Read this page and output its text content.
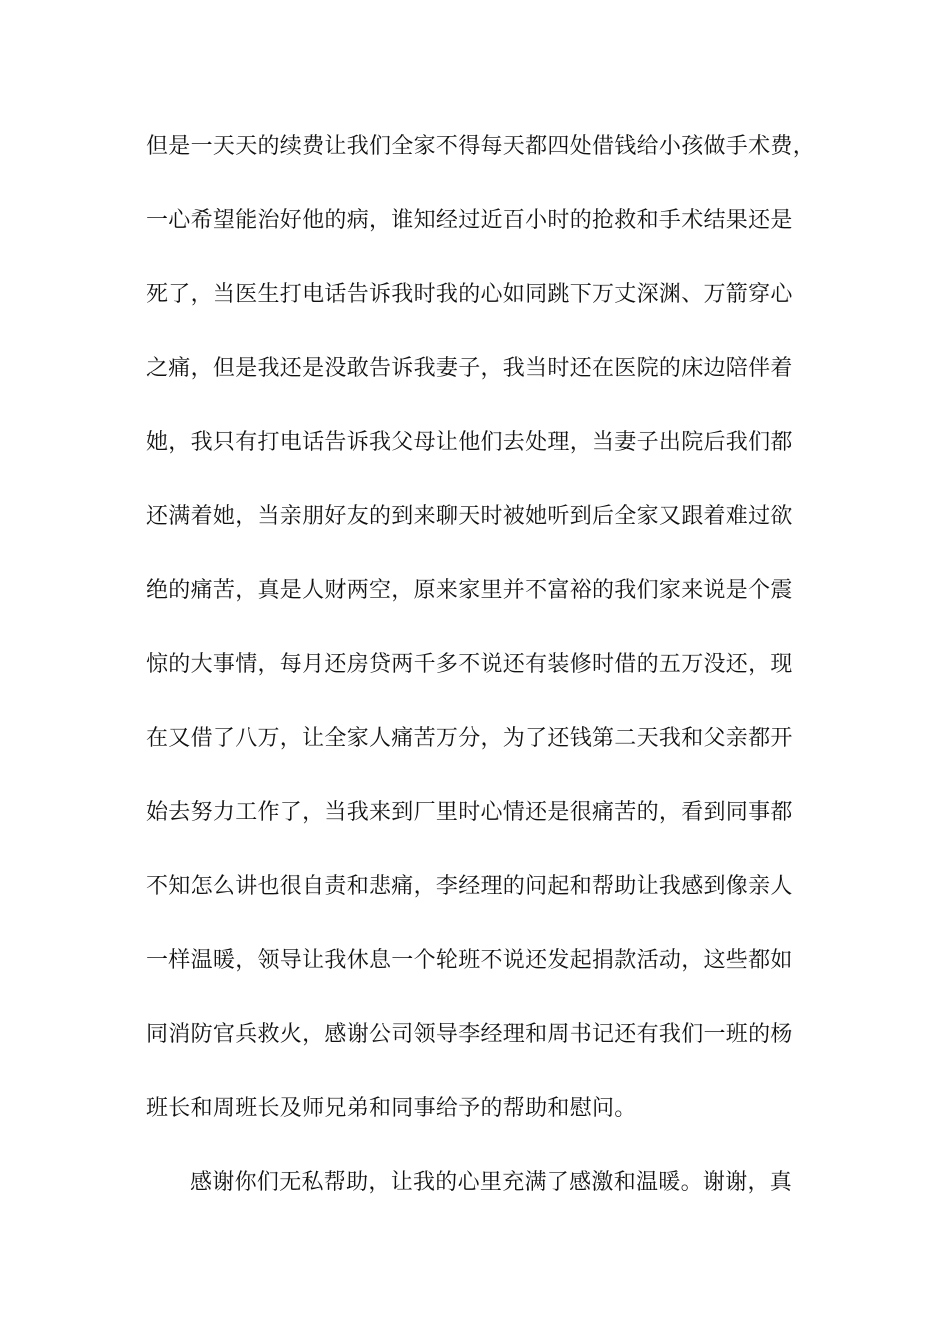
但是一天天的续费让我们全家不得每天都四处借钱给小孩做手术费，
一心希望能治好他的病，谁知经过近百小时的抢救和手术结果还是
死了，当医生打电话告诉我时我的心如同跳下万丈深渊、万箭穿心
之痛，但是我还是没敢告诉我妻子，我当时还在医院的床边陪伴着
她，我只有打电话告诉我父母让他们去处理，当妻子出院后我们都
还满着她，当亲朋好友的到来聊天时被她听到后全家又跟着难过欲
绝的痛苦，真是人财两空，原来家里并不富裕的我们家来说是个震
惊的大事情，每月还房贷两千多不说还有装修时借的五万没还，现
在又借了八万，让全家人痛苦万分，为了还钱第二天我和父亲都开
始去努力工作了，当我来到厂里时心情还是很痛苦的，看到同事都
不知怎么讲也很自责和悲痛，李经理的问起和帮助让我感到像亲人
一样温暖，领导让我休息一个轮班不说还发起捐款活动，这些都如
同消防官兵救火，感谢公司领导李经理和周书记还有我们一班的杨
班长和周班长及师兄弟和同事给予的帮助和慰问。
感谢你们无私帮助，让我的心里充满了感激和温暖。谢谢，真
